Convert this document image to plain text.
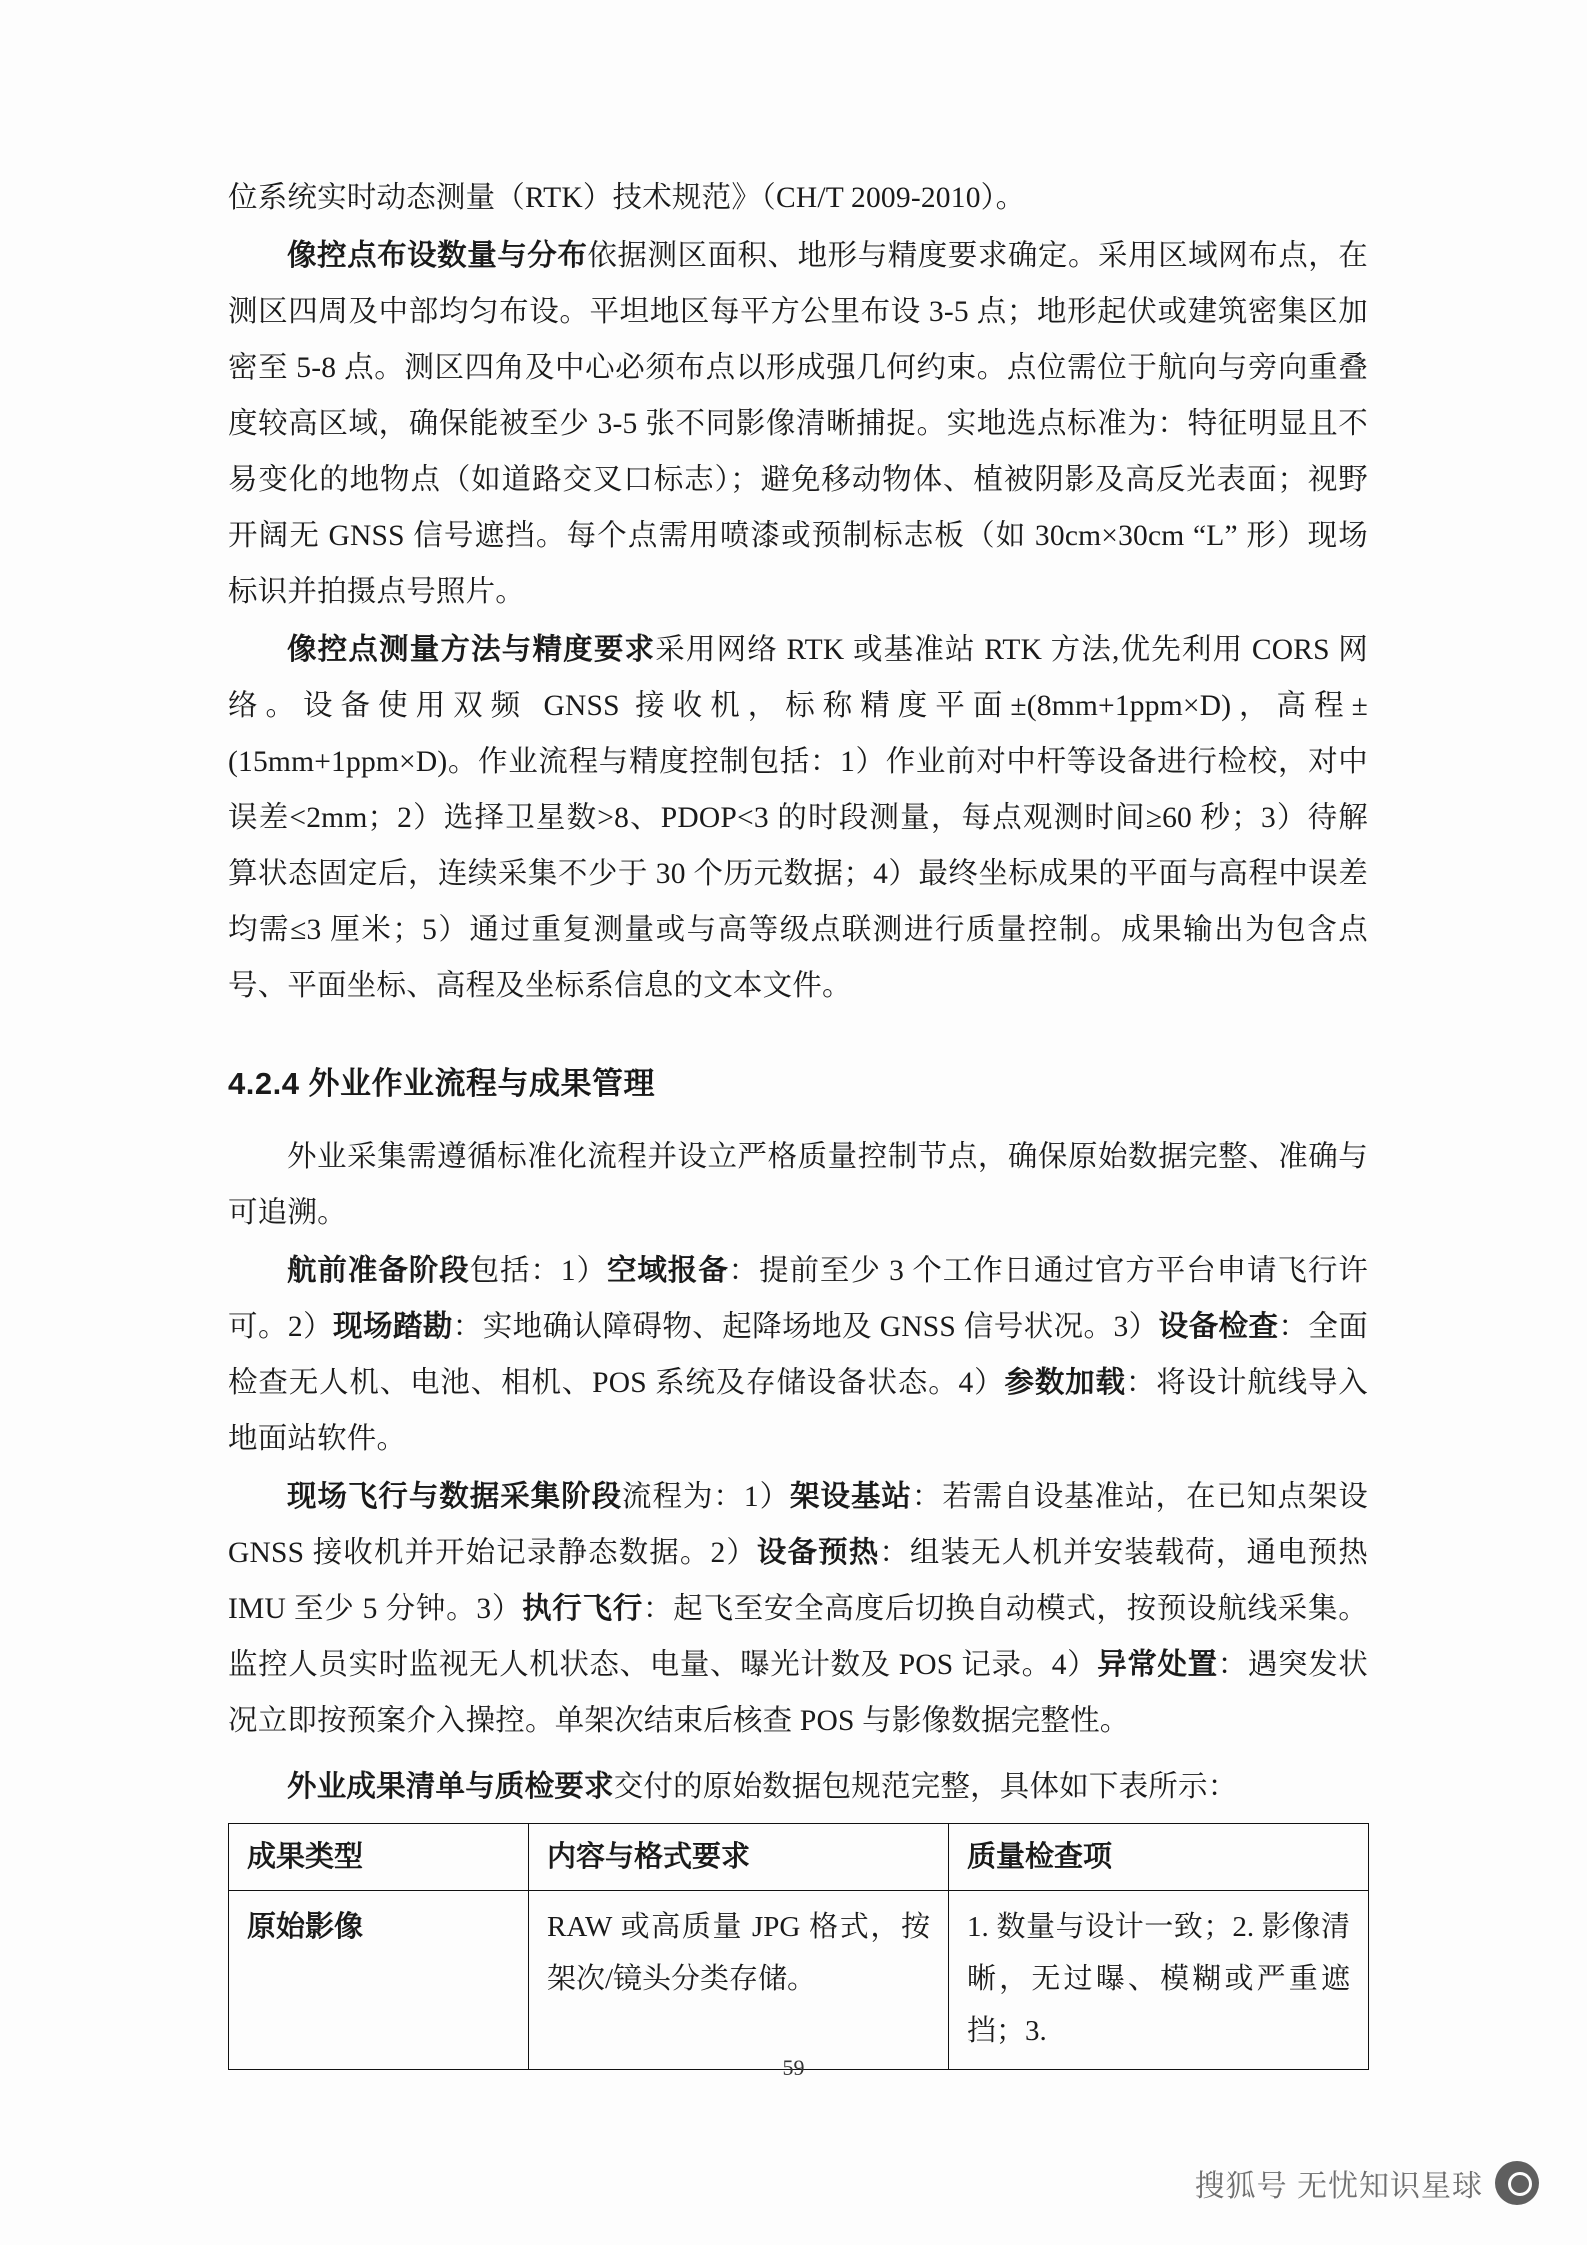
位系统实时动态测量（RTK）技术规范》（CH/T 2009-2010）。

像控点布设数量与分布依据测区面积、地形与精度要求确定。采用区域网布点，在测区四周及中部均匀布设。平坦地区每平方公里布设 3-5 点；地形起伏或建筑密集区加密至 5-8 点。测区四角及中心必须布点以形成强几何约束。点位需位于航向与旁向重叠度较高区域，确保能被至少 3-5 张不同影像清晰捕捉。实地选点标准为：特征明显且不易变化的地物点（如道路交叉口标志）；避免移动物体、植被阴影及高反光表面；视野开阔无 GNSS 信号遮挡。每个点需用喷漆或预制标志板（如 30cm×30cm “L” 形）现场标识并拍摄点号照片。

像控点测量方法与精度要求采用网络 RTK 或基准站 RTK 方法,优先利用 CORS 网络。设备使用双频 GNSS 接收机，标称精度平面±(8mm+1ppm×D)，高程±(15mm+1ppm×D)。作业流程与精度控制包括：1）作业前对中杆等设备进行检校，对中误差<2mm；2）选择卫星数>8、PDOP<3 的时段测量，每点观测时间≥60 秒；3）待解算状态固定后，连续采集不少于 30 个历元数据；4）最终坐标成果的平面与高程中误差均需≤3 厘米；5）通过重复测量或与高等级点联测进行质量控制。成果输出为包含点号、平面坐标、高程及坐标系信息的文本文件。

4.2.4 外业作业流程与成果管理

外业采集需遵循标准化流程并设立严格质量控制节点，确保原始数据完整、准确与可追溯。

航前准备阶段包括：1）空域报备：提前至少 3 个工作日通过官方平台申请飞行许可。2）现场踏勘：实地确认障碍物、起降场地及 GNSS 信号状况。3）设备检查：全面检查无人机、电池、相机、POS 系统及存储设备状态。4）参数加载：将设计航线导入地面站软件。

现场飞行与数据采集阶段流程为：1）架设基站：若需自设基准站，在已知点架设 GNSS 接收机并开始记录静态数据。2）设备预热：组装无人机并安装载荷，通电预热 IMU 至少 5 分钟。3）执行飞行：起飞至安全高度后切换自动模式，按预设航线采集。监控人员实时监视无人机状态、电量、曝光计数及 POS 记录。4）异常处置：遇突发状况立即按预案介入操控。单架次结束后核查 POS 与影像数据完整性。

外业成果清单与质检要求交付的原始数据包规范完整，具体如下表所示：

成果类型	内容与格式要求	质量检查项
原始影像	RAW 或高质量 JPG 格式，按架次/镜头分类存储。	1. 数量与设计一致；2. 影像清晰，无过曝、模糊或严重遮挡；3.
59
搜狐号 无忧知识星球
